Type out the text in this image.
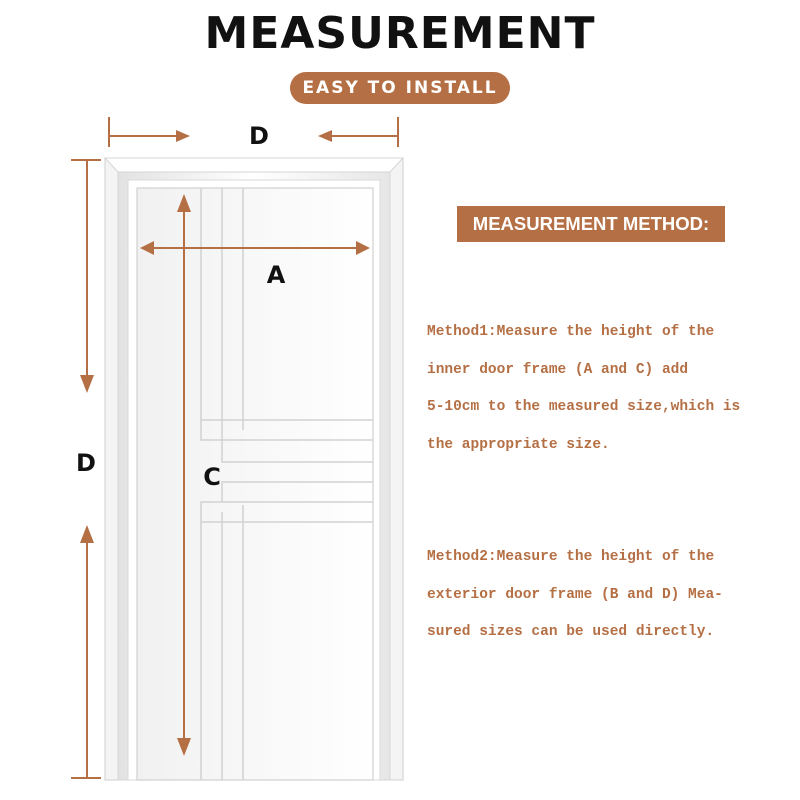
MEASUREMENT
EASY TO INSTALL
D
D
A
C
MEASUREMENT METHOD:

Method1:Measure the height of the
inner door frame (A and C) add
5-10cm to the measured size,which is
the appropriate size.

Method2:Measure the height of the
exterior door frame (B and D) Mea-
sured sizes can be used directly.
